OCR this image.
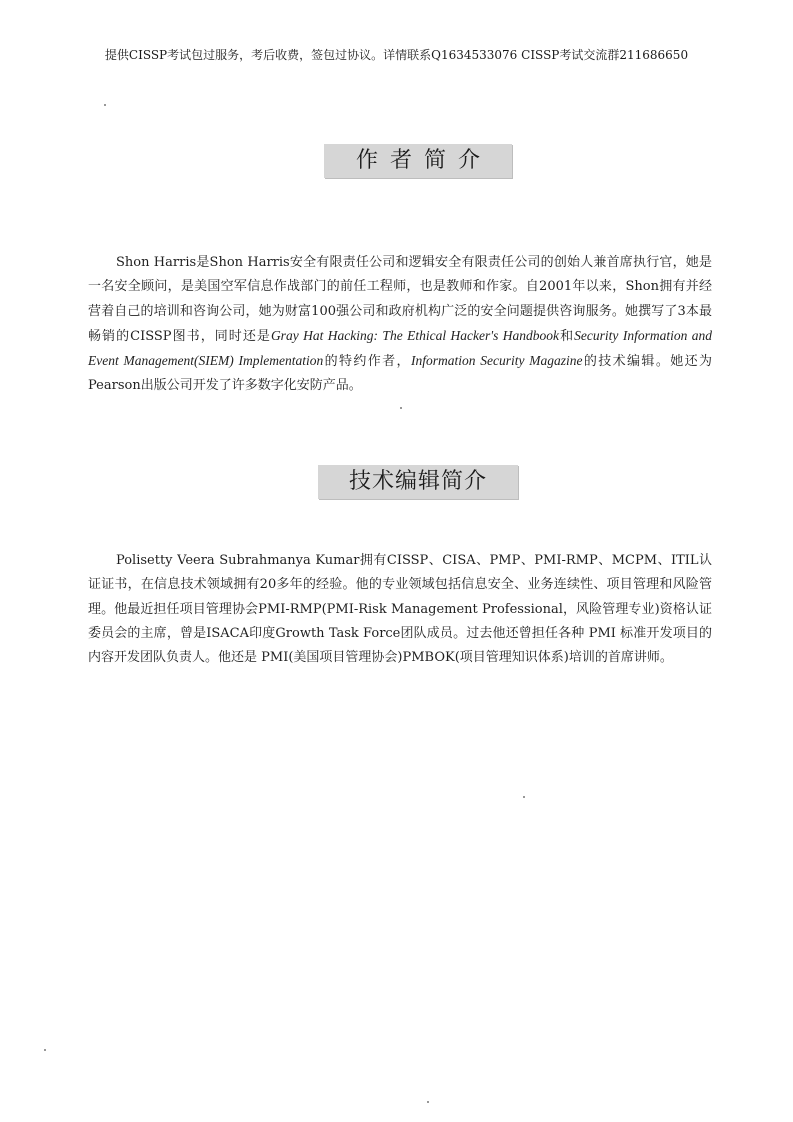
提供CISSP考试包过服务，考后收费，签包过协议。详情联系Q1634533076 CISSP考试交流群211686650
作者简介
Shon Harris是Shon Harris安全有限责任公司和逻辑安全有限责任公司的创始人兼首席执行官，她是一名安全顾问，是美国空军信息作战部门的前任工程师，也是教师和作家。自2001年以来，Shon拥有并经营着自己的培训和咨询公司，她为财富100强公司和政府机构广泛的安全问题提供咨询服务。她撰写了3本最畅销的CISSP图书，同时还是Gray Hat Hacking: The Ethical Hacker's Handbook和Security Information and Event Management(SIEM) Implementation的特约作者，Information Security Magazine的技术编辑。她还为Pearson出版公司开发了许多数字化安防产品。
技术编辑简介
Polisetty Veera Subrahmanya Kumar拥有CISSP、CISA、PMP、PMI-RMP、MCPM、ITIL认证证书，在信息技术领域拥有20多年的经验。他的专业领域包括信息安全、业务连续性、项目管理和风险管理。他最近担任项目管理协会PMI-RMP(PMI-Risk Management Professional，风险管理专业)资格认证委员会的主席，曾是ISACA印度Growth Task Force团队成员。过去他还曾担任各种 PMI 标准开发项目的内容开发团队负责人。他还是 PMI(美国项目管理协会)PMBOK(项目管理知识体系)培训的首席讲师。
